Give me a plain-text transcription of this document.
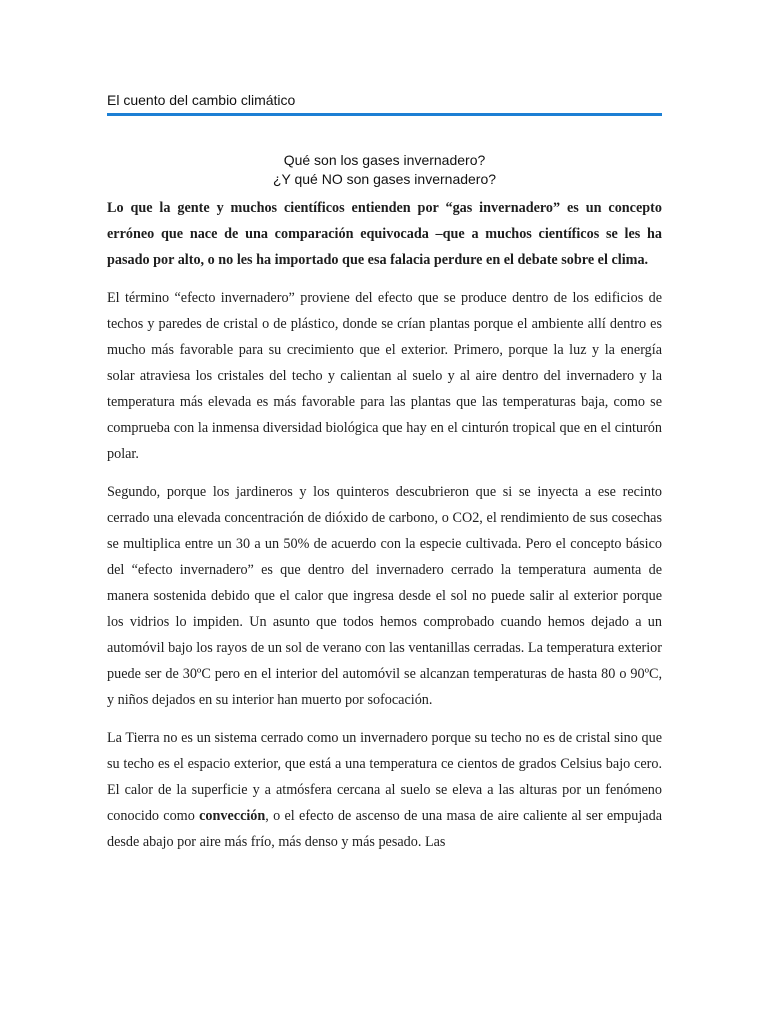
El cuento del cambio climático
Qué son los gases invernadero?
¿Y qué NO son gases invernadero?

Lo que la gente y muchos científicos entienden por “gas invernadero” es un concepto erróneo que nace de una comparación equivocada –que a muchos científicos se les ha pasado por alto, o no les ha importado que esa falacia perdure en el debate sobre el clima.

El término “efecto invernadero” proviene del efecto que se produce dentro de los edificios de techos y paredes de cristal o de plástico, donde se crían plantas porque el ambiente allí dentro es mucho más favorable para su crecimiento que el exterior. Primero, porque la luz y la energía solar atraviesa los cristales del techo y calientan al suelo y al aire dentro del invernadero y la temperatura más elevada es más favorable para las plantas que las temperaturas baja, como se comprueba con la inmensa diversidad biológica que hay en el cinturón tropical que en el cinturón polar.

Segundo, porque los jardineros y los quinteros descubrieron que si se inyecta a ese recinto cerrado una elevada concentración de dióxido de carbono, o CO2, el rendimiento de sus cosechas se multiplica entre un 30 a un 50% de acuerdo con la especie cultivada. Pero el concepto básico del “efecto invernadero” es que dentro del invernadero cerrado la temperatura aumenta de manera sostenida debido que el calor que ingresa desde el sol no puede salir al exterior porque los vidrios lo impiden. Un asunto que todos hemos comprobado cuando hemos dejado a un automóvil bajo los rayos de un sol de verano con las ventanillas cerradas. La temperatura exterior puede ser de 30ºC pero en el interior del automóvil se alcanzan temperaturas de hasta 80 o 90ºC, y niños dejados en su interior han muerto por sofocación.

La Tierra no es un sistema cerrado como un invernadero porque su techo no es de cristal sino que su techo es el espacio exterior, que está a una temperatura ce cientos de grados Celsius bajo cero. El calor de la superficie y a atmósfera cercana al suelo se eleva a las alturas por un fenómeno conocido como convección, o el efecto de ascenso de una masa de aire caliente al ser empujada desde abajo por aire más frío, más denso y más pesado. Las
